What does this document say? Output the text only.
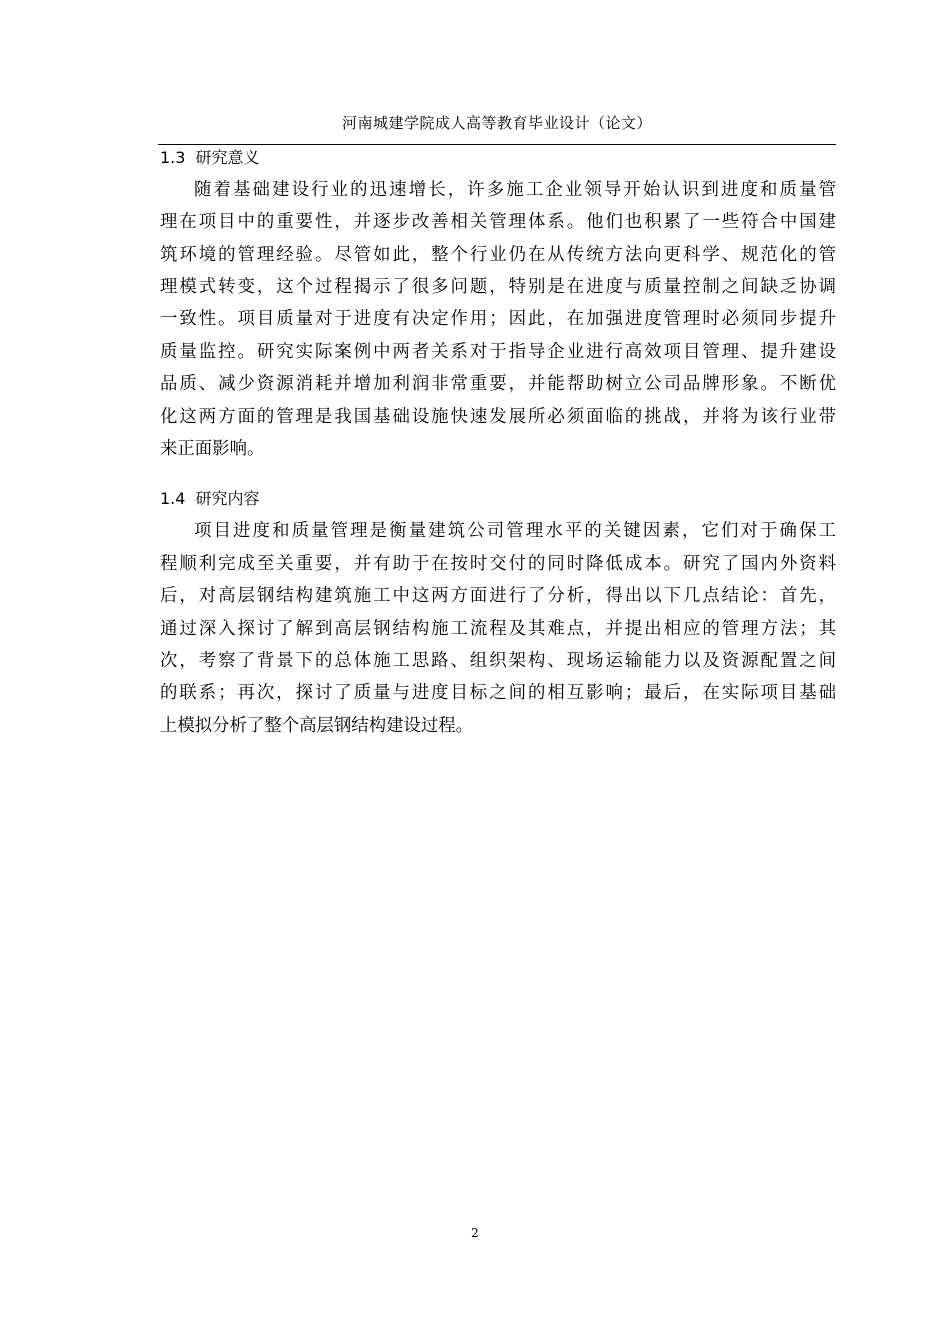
河南城建学院成人高等教育毕业设计（论文）
1.3 研究意义
随着基础建设行业的迅速增长，许多施工企业领导开始认识到进度和质量管
理在项目中的重要性，并逐步改善相关管理体系。他们也积累了一些符合中国建
筑环境的管理经验。尽管如此，整个行业仍在从传统方法向更科学、规范化的管
理模式转变，这个过程揭示了很多问题，特别是在进度与质量控制之间缺乏协调
一致性。项目质量对于进度有决定作用；因此，在加强进度管理时必须同步提升
质量监控。研究实际案例中两者关系对于指导企业进行高效项目管理、提升建设
品质、减少资源消耗并增加利润非常重要，并能帮助树立公司品牌形象。不断优
化这两方面的管理是我国基础设施快速发展所必须面临的挑战，并将为该行业带
来正面影响。
1.4 研究内容
项目进度和质量管理是衡量建筑公司管理水平的关键因素，它们对于确保工
程顺利完成至关重要，并有助于在按时交付的同时降低成本。研究了国内外资料
后，对高层钢结构建筑施工中这两方面进行了分析，得出以下几点结论：首先，
通过深入探讨了解到高层钢结构施工流程及其难点，并提出相应的管理方法；其
次，考察了背景下的总体施工思路、组织架构、现场运输能力以及资源配置之间
的联系；再次，探讨了质量与进度目标之间的相互影响；最后，在实际项目基础
上模拟分析了整个高层钢结构建设过程。
2
